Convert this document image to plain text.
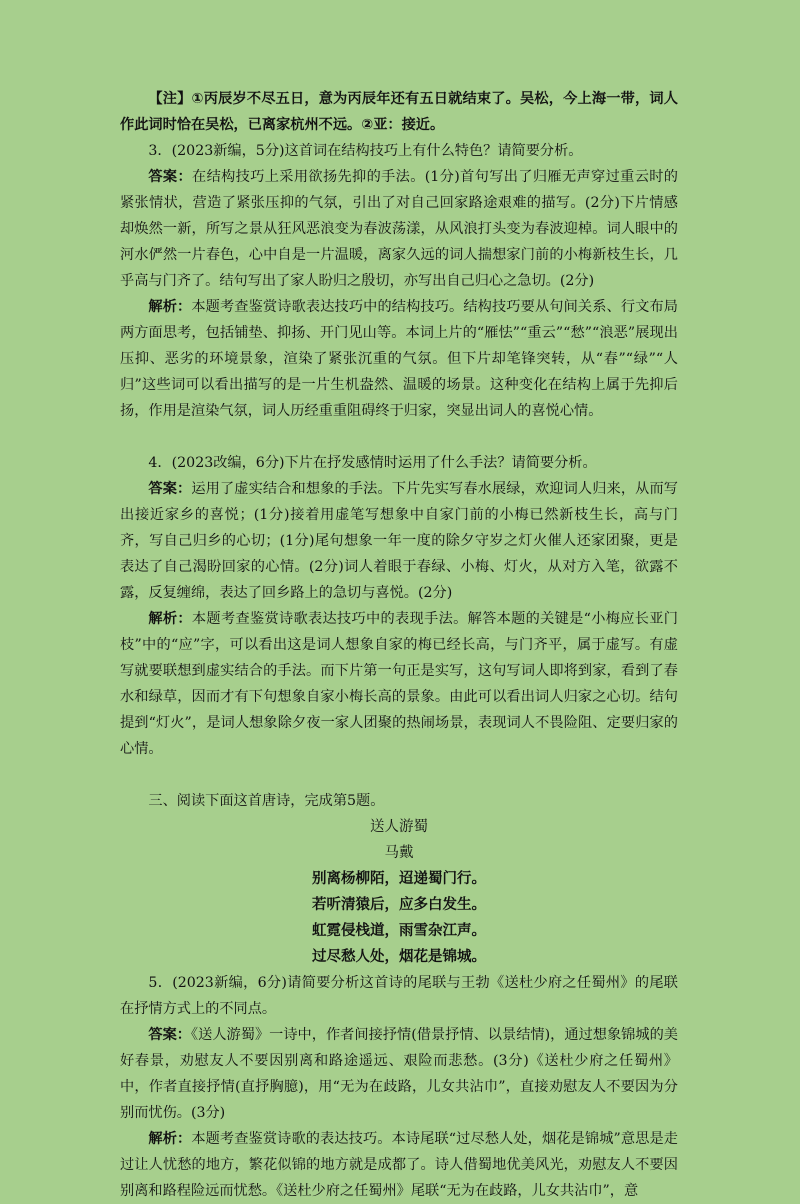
【注】①丙辰岁不尽五日，意为丙辰年还有五日就结束了。吴松，今上海一带，词人作此词时恰在吴松，已离家杭州不远。②亚：接近。

3．(2023新编，5分)这首词在结构技巧上有什么特色？请简要分析。

答案：在结构技巧上采用欲扬先抑的手法。(1分)首句写出了归雁无声穿过重云时的紧张情状，营造了紧张压抑的气氛，引出了对自己回家路途艰难的描写。(2分)下片情感却焕然一新，所写之景从狂风恶浪变为春波荡漾，从风浪打头变为春波迎棹。词人眼中的河水俨然一片春色，心中自是一片温暖，离家久远的词人揣想家门前的小梅新枝生长，几乎高与门齐了。结句写出了家人盼归之殷切，亦写出自己归心之急切。(2分)

解析：本题考查鉴赏诗歌表达技巧中的结构技巧。结构技巧要从句间关系、行文布局两方面思考，包括铺垫、抑扬、开门见山等。本词上片的“雁怯”“重云”“愁”“浪恶”展现出压抑、恶劣的环境景象，渲染了紧张沉重的气氛。但下片却笔锋突转，从“春”“绿”“人归”这些词可以看出描写的是一片生机盎然、温暖的场景。这种变化在结构上属于先抑后扬，作用是渲染气氛，词人历经重重阻碍终于归家，突显出词人的喜悦心情。

4．(2023改编，6分)下片在抒发感情时运用了什么手法？请简要分析。

答案：运用了虚实结合和想象的手法。下片先实写春水展绿，欢迎词人归来，从而写出接近家乡的喜悦；(1分)接着用虚笔写想象中自家门前的小梅已然新枝生长，高与门齐，写自己归乡的心切；(1分)尾句想象一年一度的除夕守岁之灯火催人还家团聚，更是表达了自己渴盼回家的心情。(2分)词人着眼于春绿、小梅、灯火，从对方入笔，欲露不露，反复缠绵，表达了回乡路上的急切与喜悦。(2分)

解析：本题考查鉴赏诗歌表达技巧中的表现手法。解答本题的关键是“小梅应长亚门枝”中的“应”字，可以看出这是词人想象自家的梅已经长高，与门齐平，属于虚写。有虚写就要联想到虚实结合的手法。而下片第一句正是实写，这句写词人即将到家，看到了春水和绿草，因而才有下句想象自家小梅长高的景象。由此可以看出词人归家之心切。结句提到“灯火”，是词人想象除夕夜一家人团聚的热闹场景，表现词人不畏险阻、定要归家的心情。

三、阅读下面这首唐诗，完成第5题。

送人游蜀

马戴

别离杨柳陌，迢递蜀门行。

若听清猿后，应多白发生。

虹霓侵栈道，雨雪杂江声。

过尽愁人处，烟花是锦城。

5．(2023新编，6分)请简要分析这首诗的尾联与王勃《送杜少府之任蜀州》的尾联在抒情方式上的不同点。

答案：《送人游蜀》一诗中，作者间接抒情(借景抒情、以景结情)，通过想象锦城的美好春景，劝慰友人不要因别离和路途遥远、艰险而悲愁。(3分)《送杜少府之任蜀州》中，作者直接抒情(直抒胸臆)，用“无为在歧路，儿女共沾巾”，直接劝慰友人不要因为分别而忧伤。(3分)

解析：本题考查鉴赏诗歌的表达技巧。本诗尾联“过尽愁人处，烟花是锦城”意思是走过让人忧愁的地方，繁花似锦的地方就是成都了。诗人借蜀地优美风光，劝慰友人不要因别离和路程险远而忧愁。《送杜少府之任蜀州》尾联“无为在歧路，儿女共沾巾”，意
